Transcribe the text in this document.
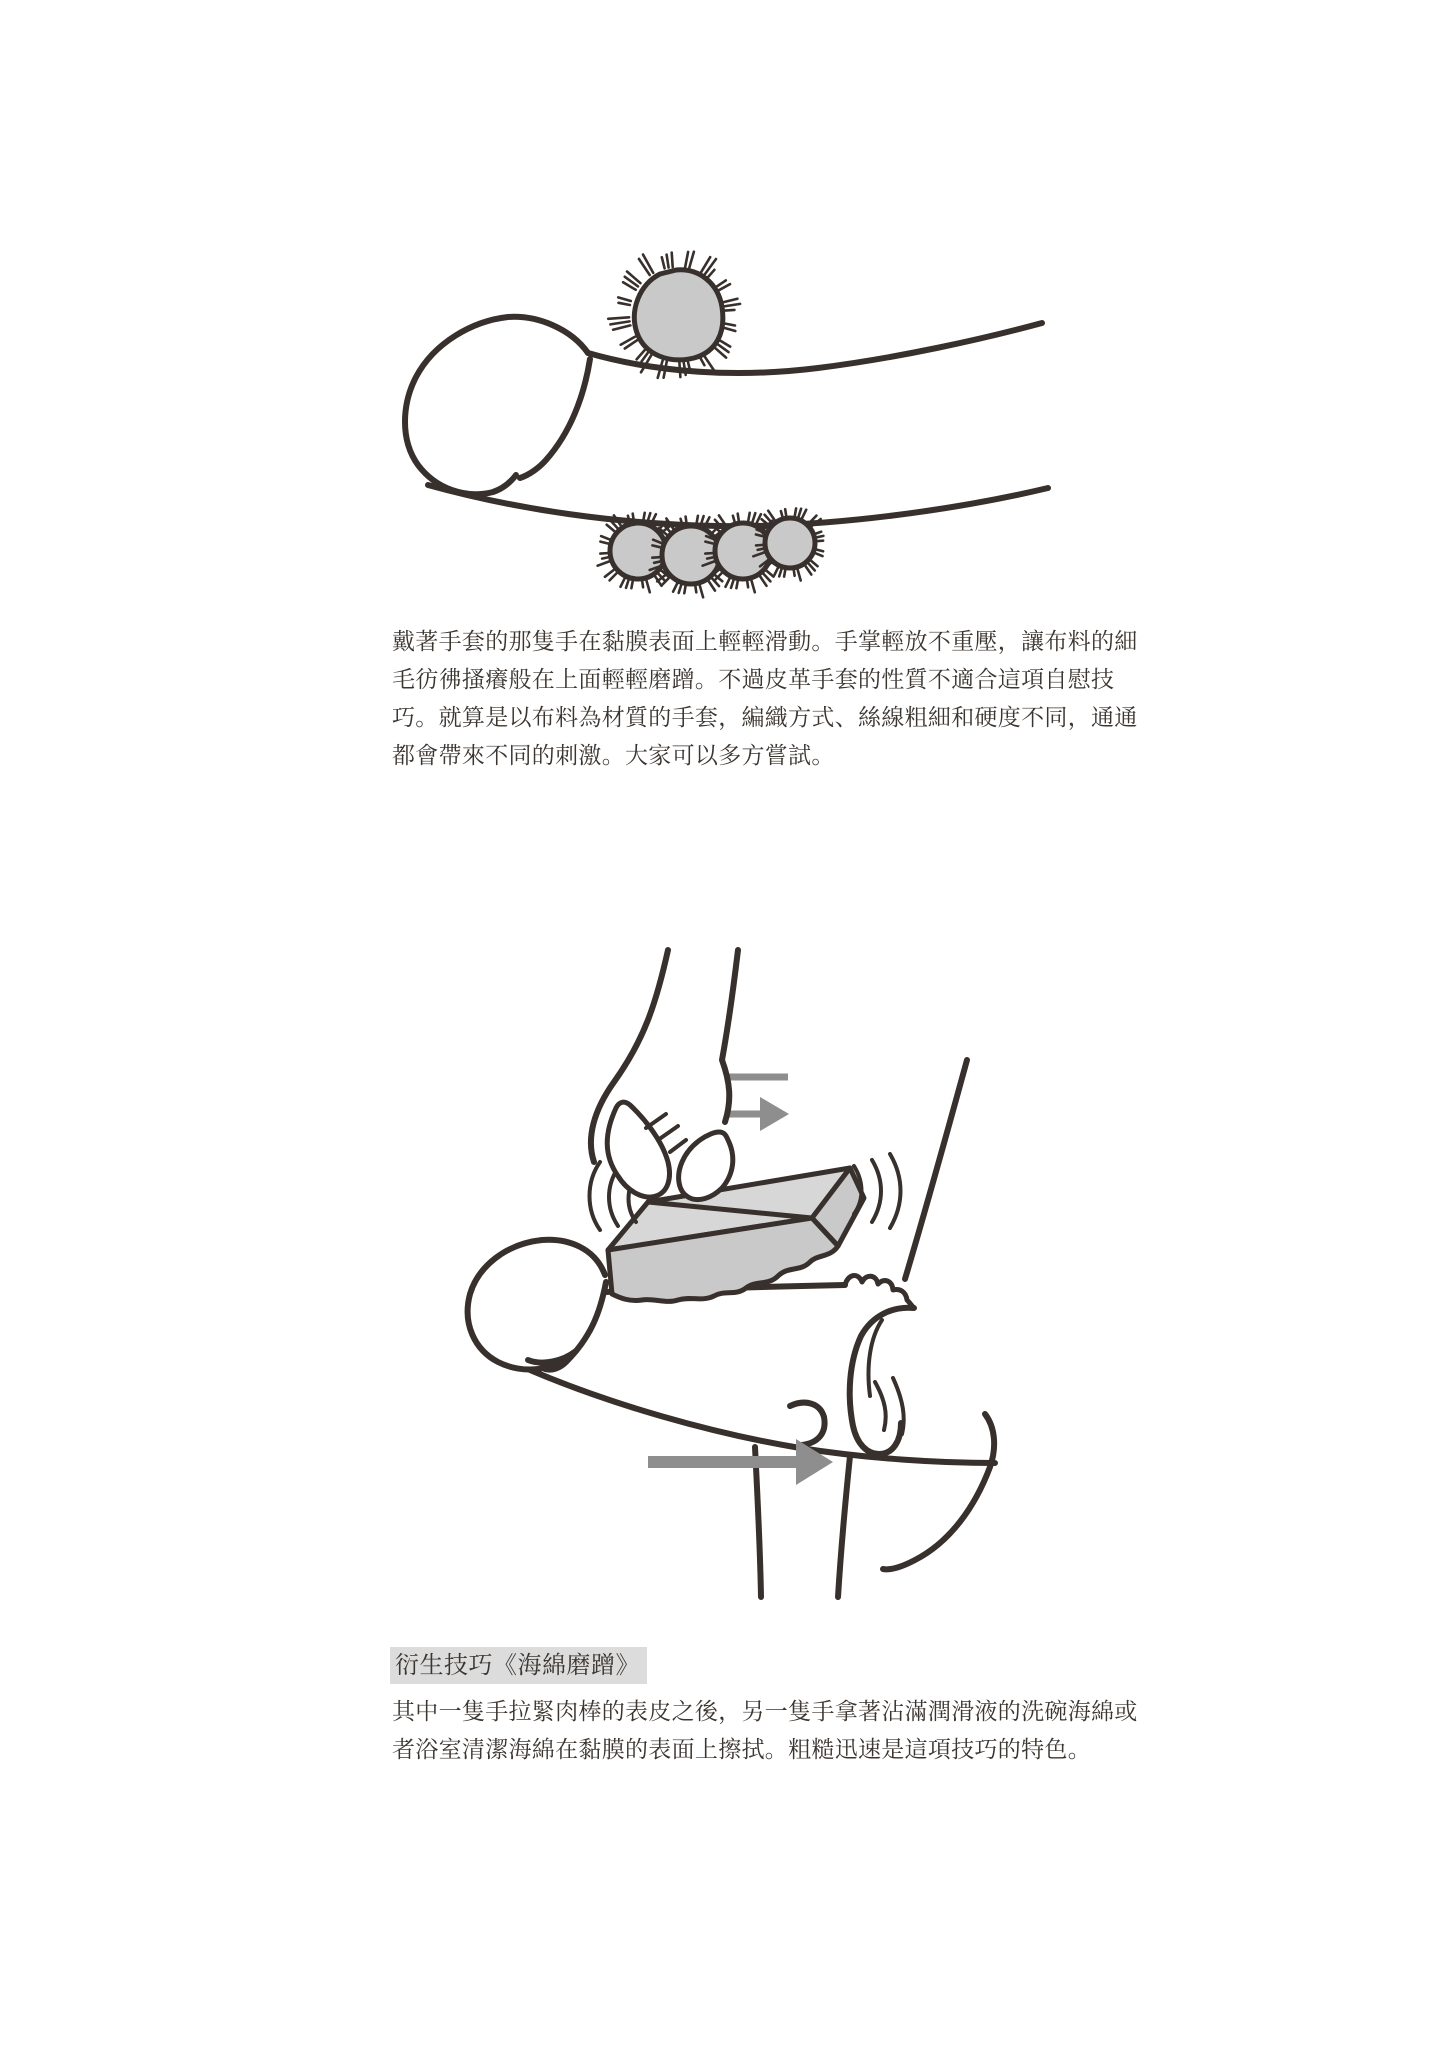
戴著手套的那隻手在黏膜表面上輕輕滑動。手掌輕放不重壓，讓布料的細
毛彷彿搔癢般在上面輕輕磨蹭。不過皮革手套的性質不適合這項自慰技
巧。就算是以布料為材質的手套，編織方式、絲線粗細和硬度不同，通通
都會帶來不同的刺激。大家可以多方嘗試。
衍生技巧《海綿磨蹭》
其中一隻手拉緊肉棒的表皮之後，另一隻手拿著沾滿潤滑液的洗碗海綿或
者浴室清潔海綿在黏膜的表面上擦拭。粗糙迅速是這項技巧的特色。
